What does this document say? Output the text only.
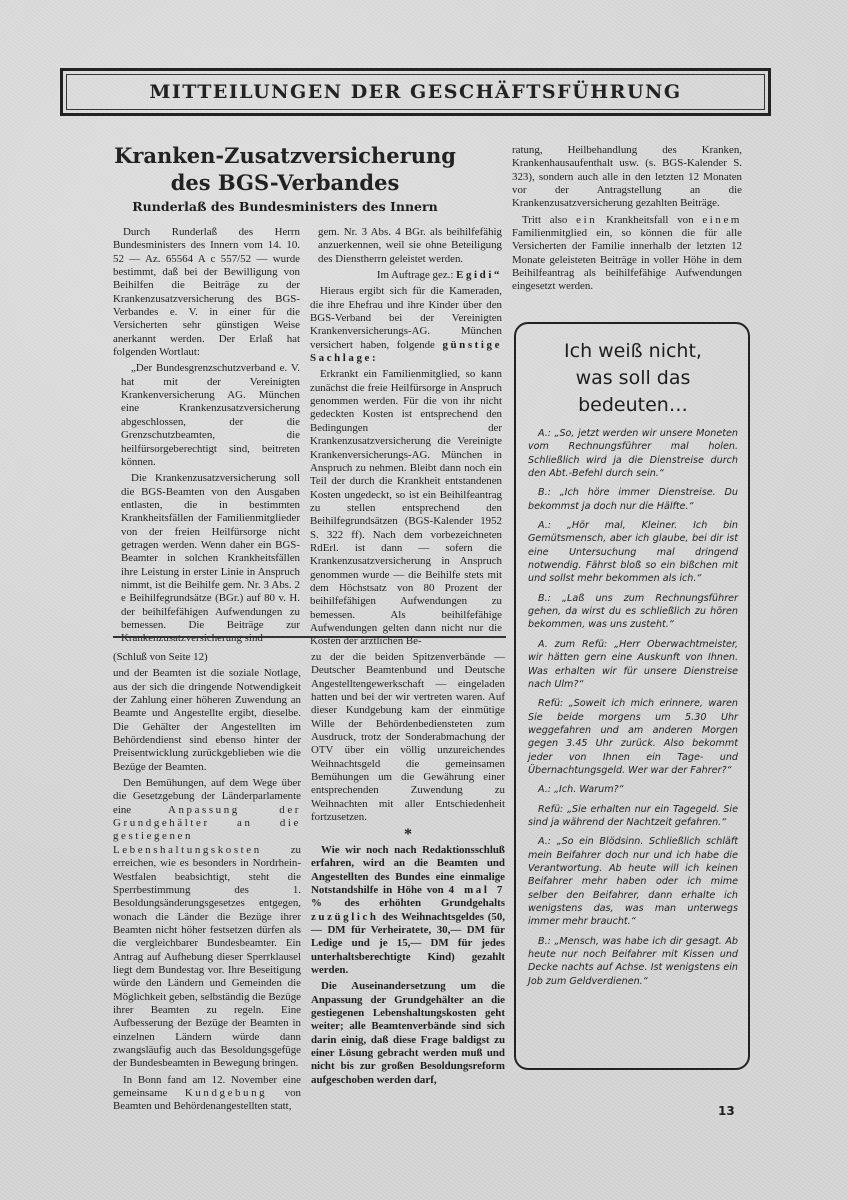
MITTEILUNGEN DER GESCHÄFTSFÜHRUNG
Kranken-Zusatzversicherung
des BGS-Verbandes
Runderlaß des Bundesministers des Innern

Durch Runderlaß des Herrn Bundesministers des Innern vom 14. 10. 52 — Az. 65564 A c 557/52 — wurde bestimmt, daß bei der Bewilligung von Beihilfen die Beiträge zu der Krankenzusatzversicherung des BGS-Verbandes e. V. in einer für die Versicherten sehr günstigen Weise anerkannt werden. Der Erlaß hat folgenden Wortlaut:

„Der Bundesgrenzschutzverband e. V. hat mit der Vereinigten Krankenversicherung AG. München eine Krankenzusatzversicherung abgeschlossen, der die Grenzschutzbeamten, die heilfürsorgeberechtigt sind, beitreten können.

Die Krankenzusatzversicherung soll die BGS-Beamten von den Ausgaben entlasten, die in bestimmten Krankheitsfällen der Familienmitglieder von der freien Heilfürsorge nicht getragen werden. Wenn daher ein BGS-Beamter in solchen Krankheitsfällen ihre Leistung in erster Linie in Anspruch nimmt, ist die Beihilfe gem. Nr. 3 Abs. 2 e Beihilfegrundsätze (BGr.) auf 80 v. H. der beihilfefähigen Aufwendungen zu bemessen. Die Beiträge zur Krankenzusatzversicherung sind

gem. Nr. 3 Abs. 4 BGr. als beihilfefähig anzuerkennen, weil sie ohne Beteiligung des Dienstherrn geleistet werden.

Im Auftrage gez.: Egidi“

Hieraus ergibt sich für die Kameraden, die ihre Ehefrau und ihre Kinder über den BGS-Verband bei der Vereinigten Krankenversicherungs-AG. München versichert haben, folgende günstige Sachlage:

Erkrankt ein Familienmitglied, so kann zunächst die freie Heilfürsorge in Anspruch genommen werden. Für die von ihr nicht gedeckten Kosten ist entsprechend den Bedingungen der Krankenzusatzversicherung die Vereinigte Krankenversicherungs-AG. München in Anspruch zu nehmen. Bleibt dann noch ein Teil der durch die Krankheit entstandenen Kosten ungedeckt, so ist ein Beihilfeantrag zu stellen entsprechend den Beihilfegrundsätzen (BGS-Kalender 1952 S. 322 ff). Nach dem vorbezeichneten RdErl. ist dann — sofern die Krankenzusatzversicherung in Anspruch genommen wurde — die Beihilfe stets mit dem Höchstsatz von 80 Prozent der beihilfefähigen Aufwendungen zu bemessen. Als beihilfefähige Aufwendungen gelten dann nicht nur die Kosten der ärztlichen Be-

ratung, Heilbehandlung des Kranken, Krankenhausaufenthalt usw. (s. BGS-Kalender S. 323), sondern auch alle in den letzten 12 Monaten vor der Antragstellung an die Krankenzusatzversicherung gezahlten Beiträge.

Tritt also ein Krankheitsfall von einem Familienmitglied ein, so können die für alle Versicherten der Familie innerhalb der letzten 12 Monate geleisteten Beiträge in voller Höhe in dem Beihilfeantrag als beihilfefähige Aufwendungen eingesetzt werden.

(Schluß von Seite 12)

und der Beamten ist die soziale Notlage, aus der sich die dringende Notwendigkeit der Zahlung einer höheren Zuwendung an Beamte und Angestellte ergibt, dieselbe. Die Gehälter der Angestellten im Behördendienst sind ebenso hinter der Preisentwicklung zurückgeblieben wie die Bezüge der Beamten.

Den Bemühungen, auf dem Wege über die Gesetzgebung der Länderparlamente eine Anpassung der Grundgehälter an die gestiegenen Lebenshaltungskosten zu erreichen, wie es besonders in Nordrhein-Westfalen beabsichtigt, steht die Sperrbestimmung des 1. Besoldungsänderungsgesetzes entgegen, wonach die Länder die Bezüge ihrer Beamten nicht höher festsetzen dürfen als die vergleichbarer Bundesbeamter. Ein Antrag auf Aufhebung dieser Sperrklausel liegt dem Bundestag vor. Ihre Beseitigung würde den Ländern und Gemeinden die Möglichkeit geben, selbständig die Bezüge ihrer Beamten zu regeln. Eine Aufbesserung der Bezüge der Beamten in einzelnen Ländern würde dann zwangsläufig auch das Besoldungsgefüge der Bundesbeamten in Bewegung bringen.

In Bonn fand am 12. November eine gemeinsame Kundgebung von Beamten und Behördenangestellten statt,

zu der die beiden Spitzenverbände — Deutscher Beamtenbund und Deutsche Angestelltengewerkschaft — eingeladen hatten und bei der wir vertreten waren. Auf dieser Kundgebung kam der einmütige Wille der Behördenbediensteten zum Ausdruck, trotz der Sonderabmachung der OTV über ein völlig unzureichendes Weihnachtsgeld die gemeinsamen Bemühungen um die Gewährung einer entsprechenden Zuwendung zu Weihnachten mit aller Entschiedenheit fortzusetzen.

*

Wie wir noch nach Redaktionsschluß erfahren, wird an die Beamten und Angestellten des Bundes eine einmalige Notstandshilfe in Höhe von 4 mal 7 % des erhöhten Grundgehalts zuzüglich des Weihnachtsgeldes (50,— DM für Verheiratete, 30,— DM für Ledige und je 15,— DM für jedes unterhaltsberechtigte Kind) gezahlt werden.

Die Auseinandersetzung um die Anpassung der Grundgehälter an die gestiegenen Lebenshaltungskosten geht weiter; alle Beamtenverbände sind sich darin einig, daß diese Frage baldigst zu einer Lösung gebracht werden muß und nicht bis zur großen Besoldungsreform aufgeschoben werden darf,

Ich weiß nicht,
was soll das bedeuten…

A.: „So, jetzt werden wir unsere Moneten vom Rechnungsführer mal holen. Schließlich wird ja die Dienstreise durch den Abt.-Befehl durch sein.“

B.: „Ich höre immer Dienstreise. Du bekommst ja doch nur die Hälfte.“

A.: „Hör mal, Kleiner. Ich bin Gemütsmensch, aber ich glaube, bei dir ist eine Untersuchung mal dringend notwendig. Fährst bloß so ein bißchen mit und sollst mehr bekommen als ich.“

B.: „Laß uns zum Rechnungsführer gehen, da wirst du es schließlich zu hören bekommen, was uns zusteht.“

A. zum Refü: „Herr Oberwachtmeister, wir hätten gern eine Auskunft von Ihnen. Was erhalten wir für unsere Dienstreise nach Ulm?“

Refü: „Soweit ich mich erinnere, waren Sie beide morgens um 5.30 Uhr weggefahren und am anderen Morgen gegen 3.45 Uhr zurück. Also bekommt jeder von Ihnen ein Tage- und Übernachtungsgeld. Wer war der Fahrer?“

A.: „Ich. Warum?“

Refü: „Sie erhalten nur ein Tagegeld. Sie sind ja während der Nachtzeit gefahren.“

A.: „So ein Blödsinn. Schließlich schläft mein Beifahrer doch nur und ich habe die Verantwortung. Ab heute will ich keinen Beifahrer mehr haben oder ich mime selber den Beifahrer, dann erhalte ich wenigstens das, was man unterwegs immer mehr braucht.“

B.: „Mensch, was habe ich dir gesagt. Ab heute nur noch Beifahrer mit Kissen und Decke nachts auf Achse. Ist wenigstens ein Job zum Geldverdienen.“

13
